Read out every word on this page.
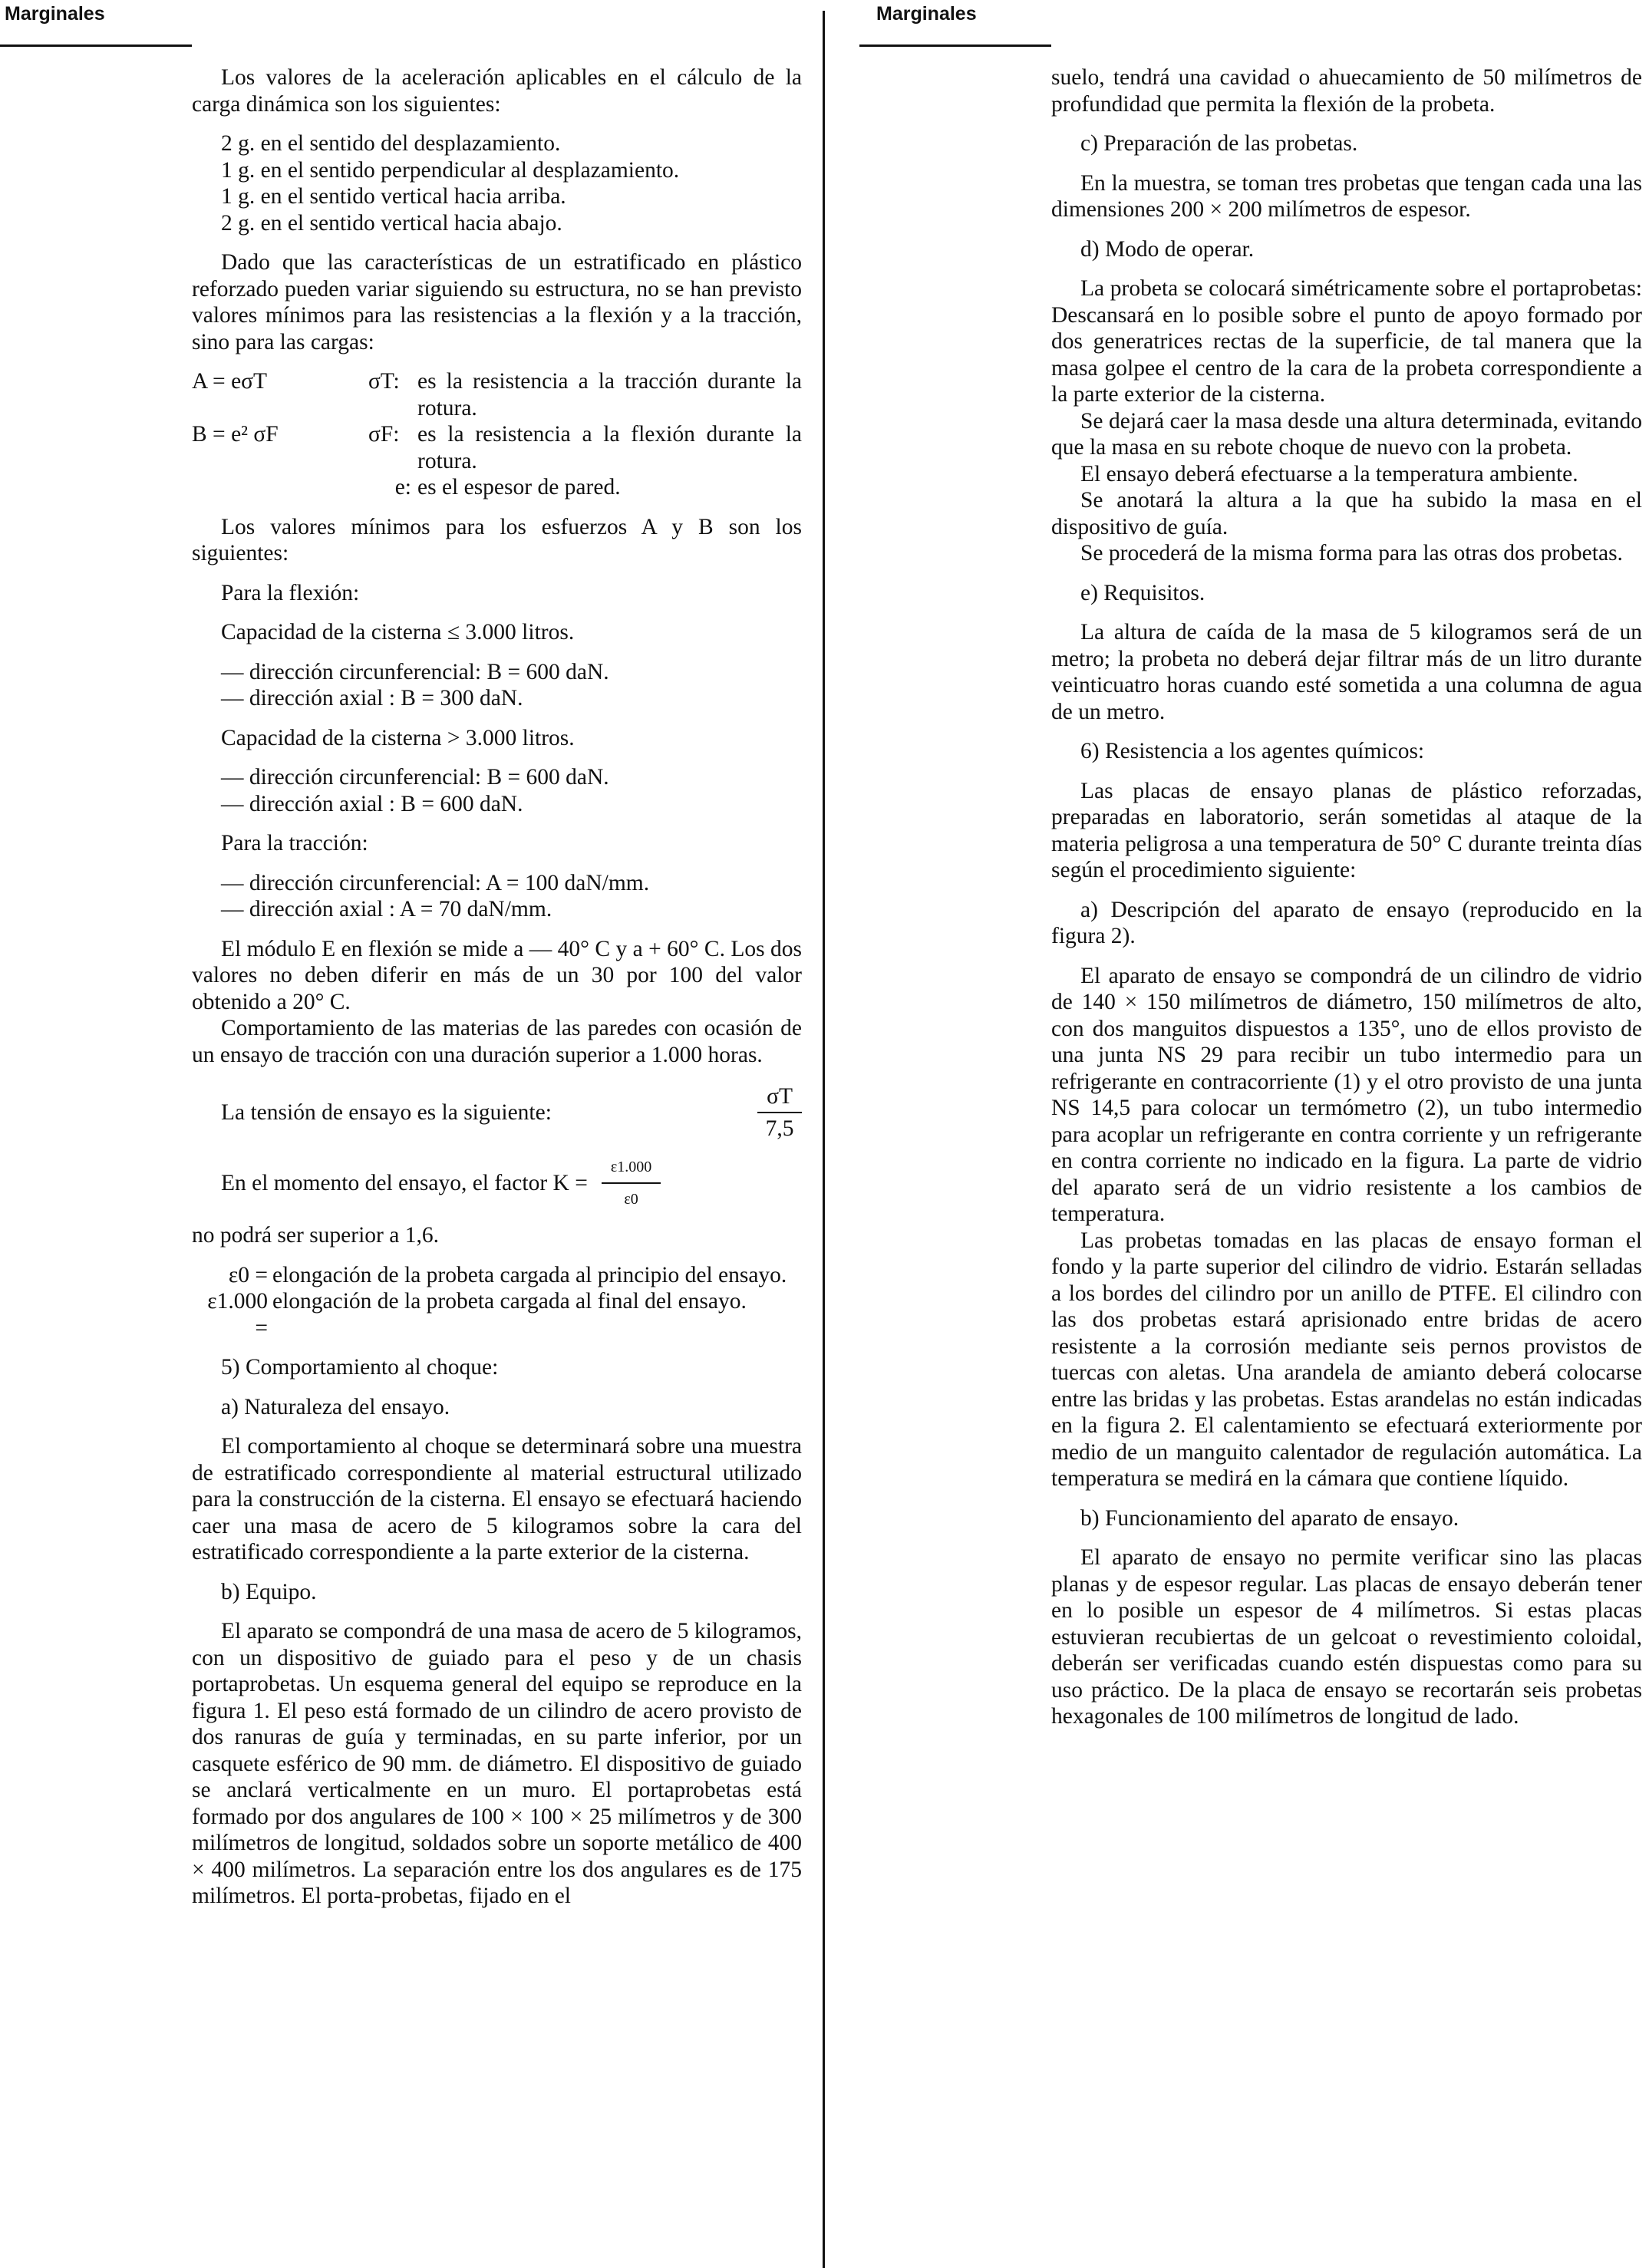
Marginales	Marginales

Los valores de la aceleración aplicables en el cálculo de la carga dinámica son los siguientes:

2 g. en el sentido del desplazamiento.
1 g. en el sentido perpendicular al desplazamiento.
1 g. en el sentido vertical hacia arriba.
2 g. en el sentido vertical hacia abajo.

Dado que las características de un estratificado en plástico reforzado pueden variar siguiendo su estructura, no se han previsto valores mínimos para las resistencias a la flexión y a la tracción, sino para las cargas:

A = eσT	σT:	es la resistencia a la tracción durante la rotura.
B = e² σF	σF:	es la resistencia a la flexión durante la rotura.
	e:	es el espesor de pared.

Los valores mínimos para los esfuerzos A y B son los siguientes:

Para la flexión:
Capacidad de la cisterna ≤ 3.000 litros.
— dirección circunferencial: B = 600 daN.
— dirección axial : B = 300 daN.
Capacidad de la cisterna > 3.000 litros.
— dirección circunferencial: B = 600 daN.
— dirección axial : B = 600 daN.
Para la tracción:
— dirección circunferencial: A = 100 daN/mm.
— dirección axial : A = 70 daN/mm.

El módulo E en flexión se mide a — 40° C y a + 60° C. Los dos valores no deben diferir en más de un 30 por 100 del valor obtenido a 20° C.

Comportamiento de las materias de las paredes con ocasión de un ensayo de tracción con una duración superior a 1.000 horas.

La tensión de ensayo es la siguiente:	$\frac{\sigma T}{7,5}$
En el momento del ensayo, el factor $K = \frac{\varepsilon 1.000}{\varepsilon 0}$

no podrá ser superior a 1,6.

ε0 =	elongación de la probeta cargada al principio del ensayo.
ε1.000 =	elongación de la probeta cargada al final del ensayo.
5) Comportamiento al choque:
a) Naturaleza del ensayo.

El comportamiento al choque se determinará sobre una muestra de estratificado correspondiente al material estructural utilizado para la construcción de la cisterna. El ensayo se efectuará haciendo caer una masa de acero de 5 kilogramos sobre la cara del estratificado correspondiente a la parte exterior de la cisterna.

b) Equipo.

El aparato se compondrá de una masa de acero de 5 kilogramos, con un dispositivo de guiado para el peso y de un chasis portaprobetas. Un esquema general del equipo se reproduce en la figura 1. El peso está formado de un cilindro de acero provisto de dos ranuras de guía y terminadas, en su parte inferior, por un casquete esférico de 90 mm. de diámetro. El dispositivo de guiado se anclará verticalmente en un muro. El portaprobetas está formado por dos angulares de 100 × 100 × 25 milímetros y de 300 milímetros de longitud, soldados sobre un soporte metálico de 400 × 400 milímetros. La separación entre los dos angulares es de 175 milímetros. El porta-probetas, fijado en el

suelo, tendrá una cavidad o ahuecamiento de 50 milímetros de profundidad que permita la flexión de la probeta.

c) Preparación de las probetas.

En la muestra, se toman tres probetas que tengan cada una las dimensiones 200 × 200 milímetros de espesor.

d) Modo de operar.

La probeta se colocará simétricamente sobre el portaprobetas: Descansará en lo posible sobre el punto de apoyo formado por dos generatrices rectas de la superficie, de tal manera que la masa golpee el centro de la cara de la probeta correspondiente a la parte exterior de la cisterna.

Se dejará caer la masa desde una altura determinada, evitando que la masa en su rebote choque de nuevo con la probeta.

El ensayo deberá efectuarse a la temperatura ambiente.

Se anotará la altura a la que ha subido la masa en el dispositivo de guía.

Se procederá de la misma forma para las otras dos probetas.

e) Requisitos.

La altura de caída de la masa de 5 kilogramos será de un metro; la probeta no deberá dejar filtrar más de un litro durante veinticuatro horas cuando esté sometida a una columna de agua de un metro.

6) Resistencia a los agentes químicos:

Las placas de ensayo planas de plástico reforzadas, preparadas en laboratorio, serán sometidas al ataque de la materia peligrosa a una temperatura de 50° C durante treinta días según el procedimiento siguiente:

a) Descripción del aparato de ensayo (reproducido en la figura 2).

El aparato de ensayo se compondrá de un cilindro de vidrio de 140 × 150 milímetros de diámetro, 150 milímetros de alto, con dos manguitos dispuestos a 135°, uno de ellos provisto de una junta NS 29 para recibir un tubo intermedio para un refrigerante en contracorriente (1) y el otro provisto de una junta NS 14,5 para colocar un termómetro (2), un tubo intermedio para acoplar un refrigerante en contra corriente y un refrigerante en contra corriente no indicado en la figura. La parte de vidrio del aparato será de un vidrio resistente a los cambios de temperatura.

Las probetas tomadas en las placas de ensayo forman el fondo y la parte superior del cilindro de vidrio. Estarán selladas a los bordes del cilindro por un anillo de PTFE. El cilindro con las dos probetas estará aprisionado entre bridas de acero resistente a la corrosión mediante seis pernos provistos de tuercas con aletas. Una arandela de amianto deberá colocarse entre las bridas y las probetas. Estas arandelas no están indicadas en la figura 2. El calentamiento se efectuará exteriormente por medio de un manguito calentador de regulación automática. La temperatura se medirá en la cámara que contiene líquido.

b) Funcionamiento del aparato de ensayo.

El aparato de ensayo no permite verificar sino las placas planas y de espesor regular. Las placas de ensayo deberán tener en lo posible un espesor de 4 milímetros. Si estas placas estuvieran recubiertas de un gelcoat o revestimiento coloidal, deberán ser verificadas cuando estén dispuestas como para su uso práctico. De la placa de ensayo se recortarán seis probetas hexagonales de 100 milímetros de longitud de lado.
